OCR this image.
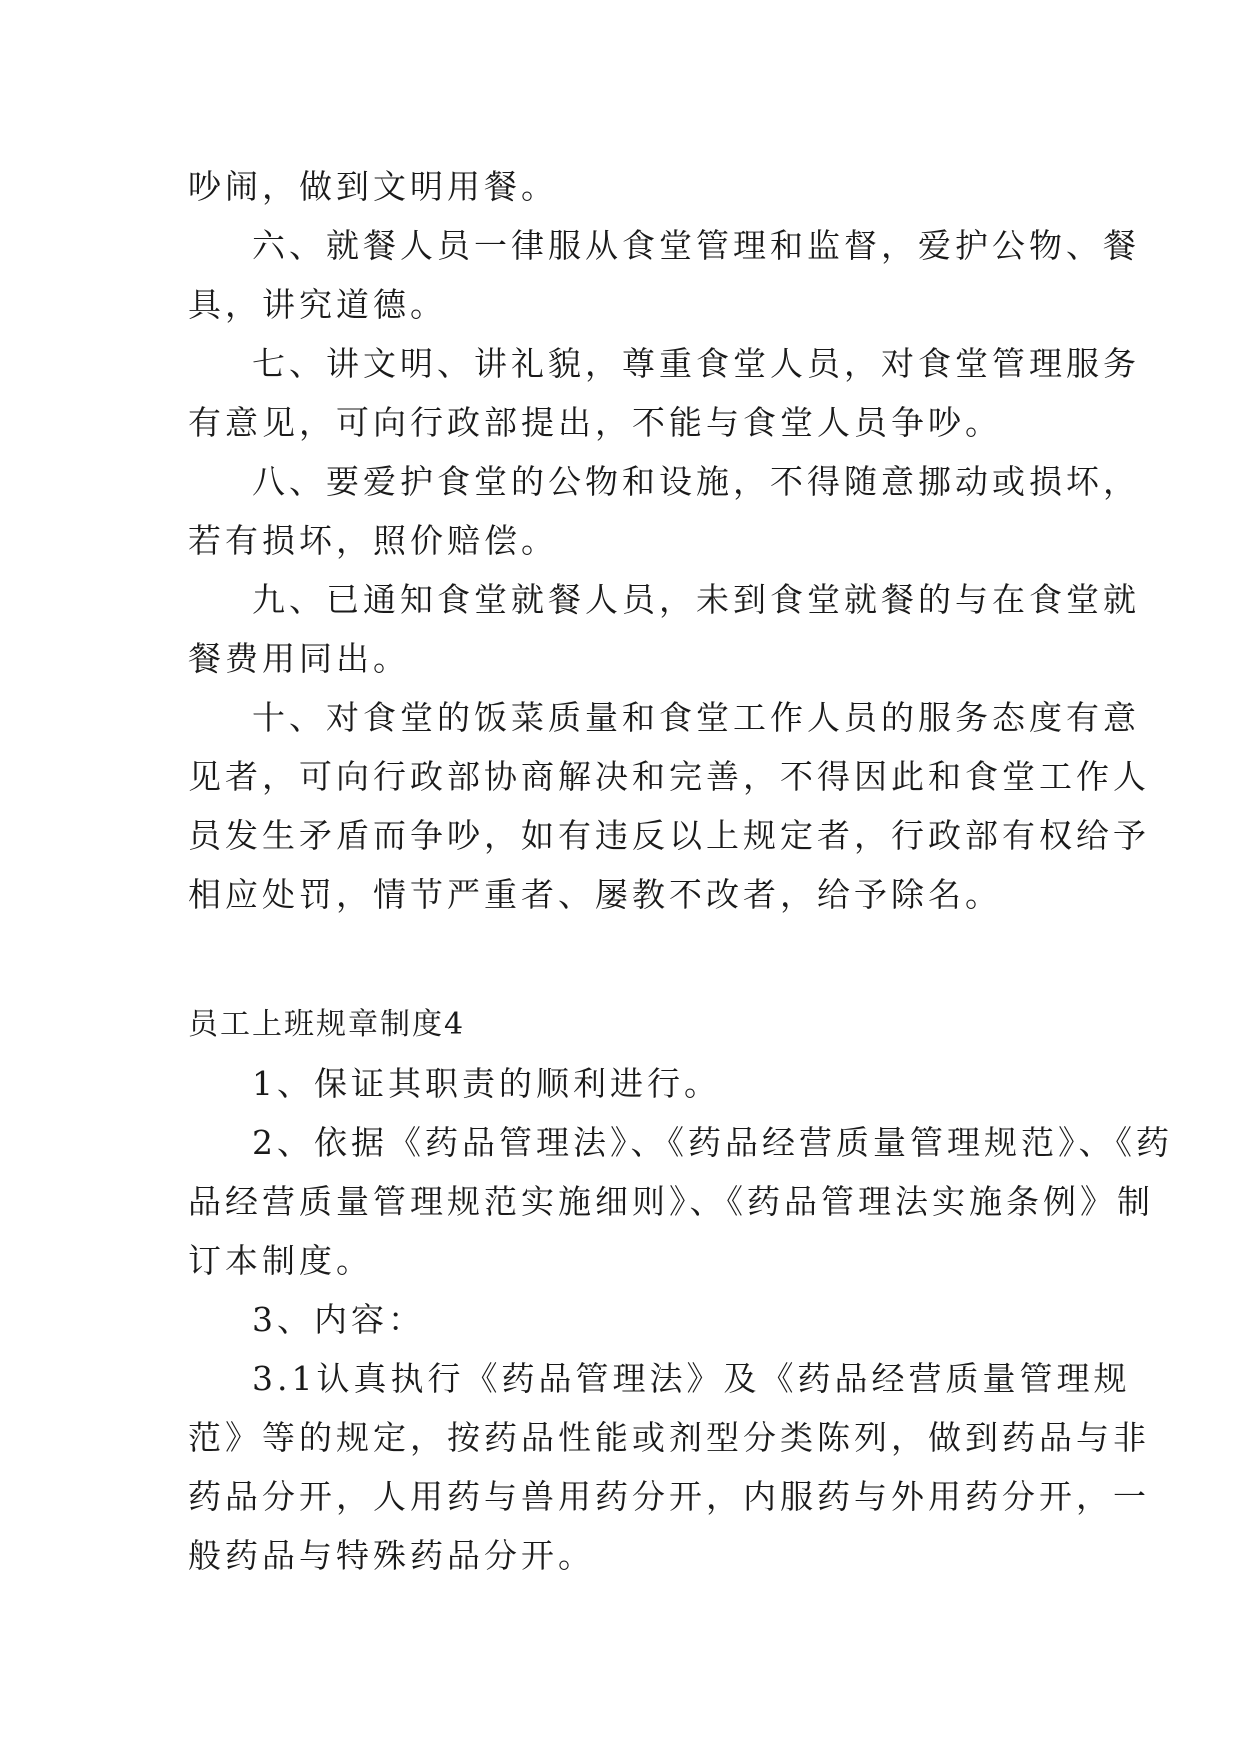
吵闹，做到文明用餐。
六、就餐人员一律服从食堂管理和监督，爱护公物、餐
具，讲究道德。
七、讲文明、讲礼貌，尊重食堂人员，对食堂管理服务
有意见，可向行政部提出，不能与食堂人员争吵。
八、要爱护食堂的公物和设施，不得随意挪动或损坏，
若有损坏，照价赔偿。
九、已通知食堂就餐人员，未到食堂就餐的与在食堂就
餐费用同出。
十、对食堂的饭菜质量和食堂工作人员的服务态度有意
见者，可向行政部协商解决和完善，不得因此和食堂工作人
员发生矛盾而争吵，如有违反以上规定者，行政部有权给予
相应处罚，情节严重者、屡教不改者，给予除名。
员工上班规章制度4
1、保证其职责的顺利进行。
2、依据《药品管理法》、《药品经营质量管理规范》、《药
品经营质量管理规范实施细则》、《药品管理法实施条例》制
订本制度。
3、内容：
3.1认真执行《药品管理法》及《药品经营质量管理规
范》等的规定，按药品性能或剂型分类陈列，做到药品与非
药品分开，人用药与兽用药分开，内服药与外用药分开，一
般药品与特殊药品分开。
